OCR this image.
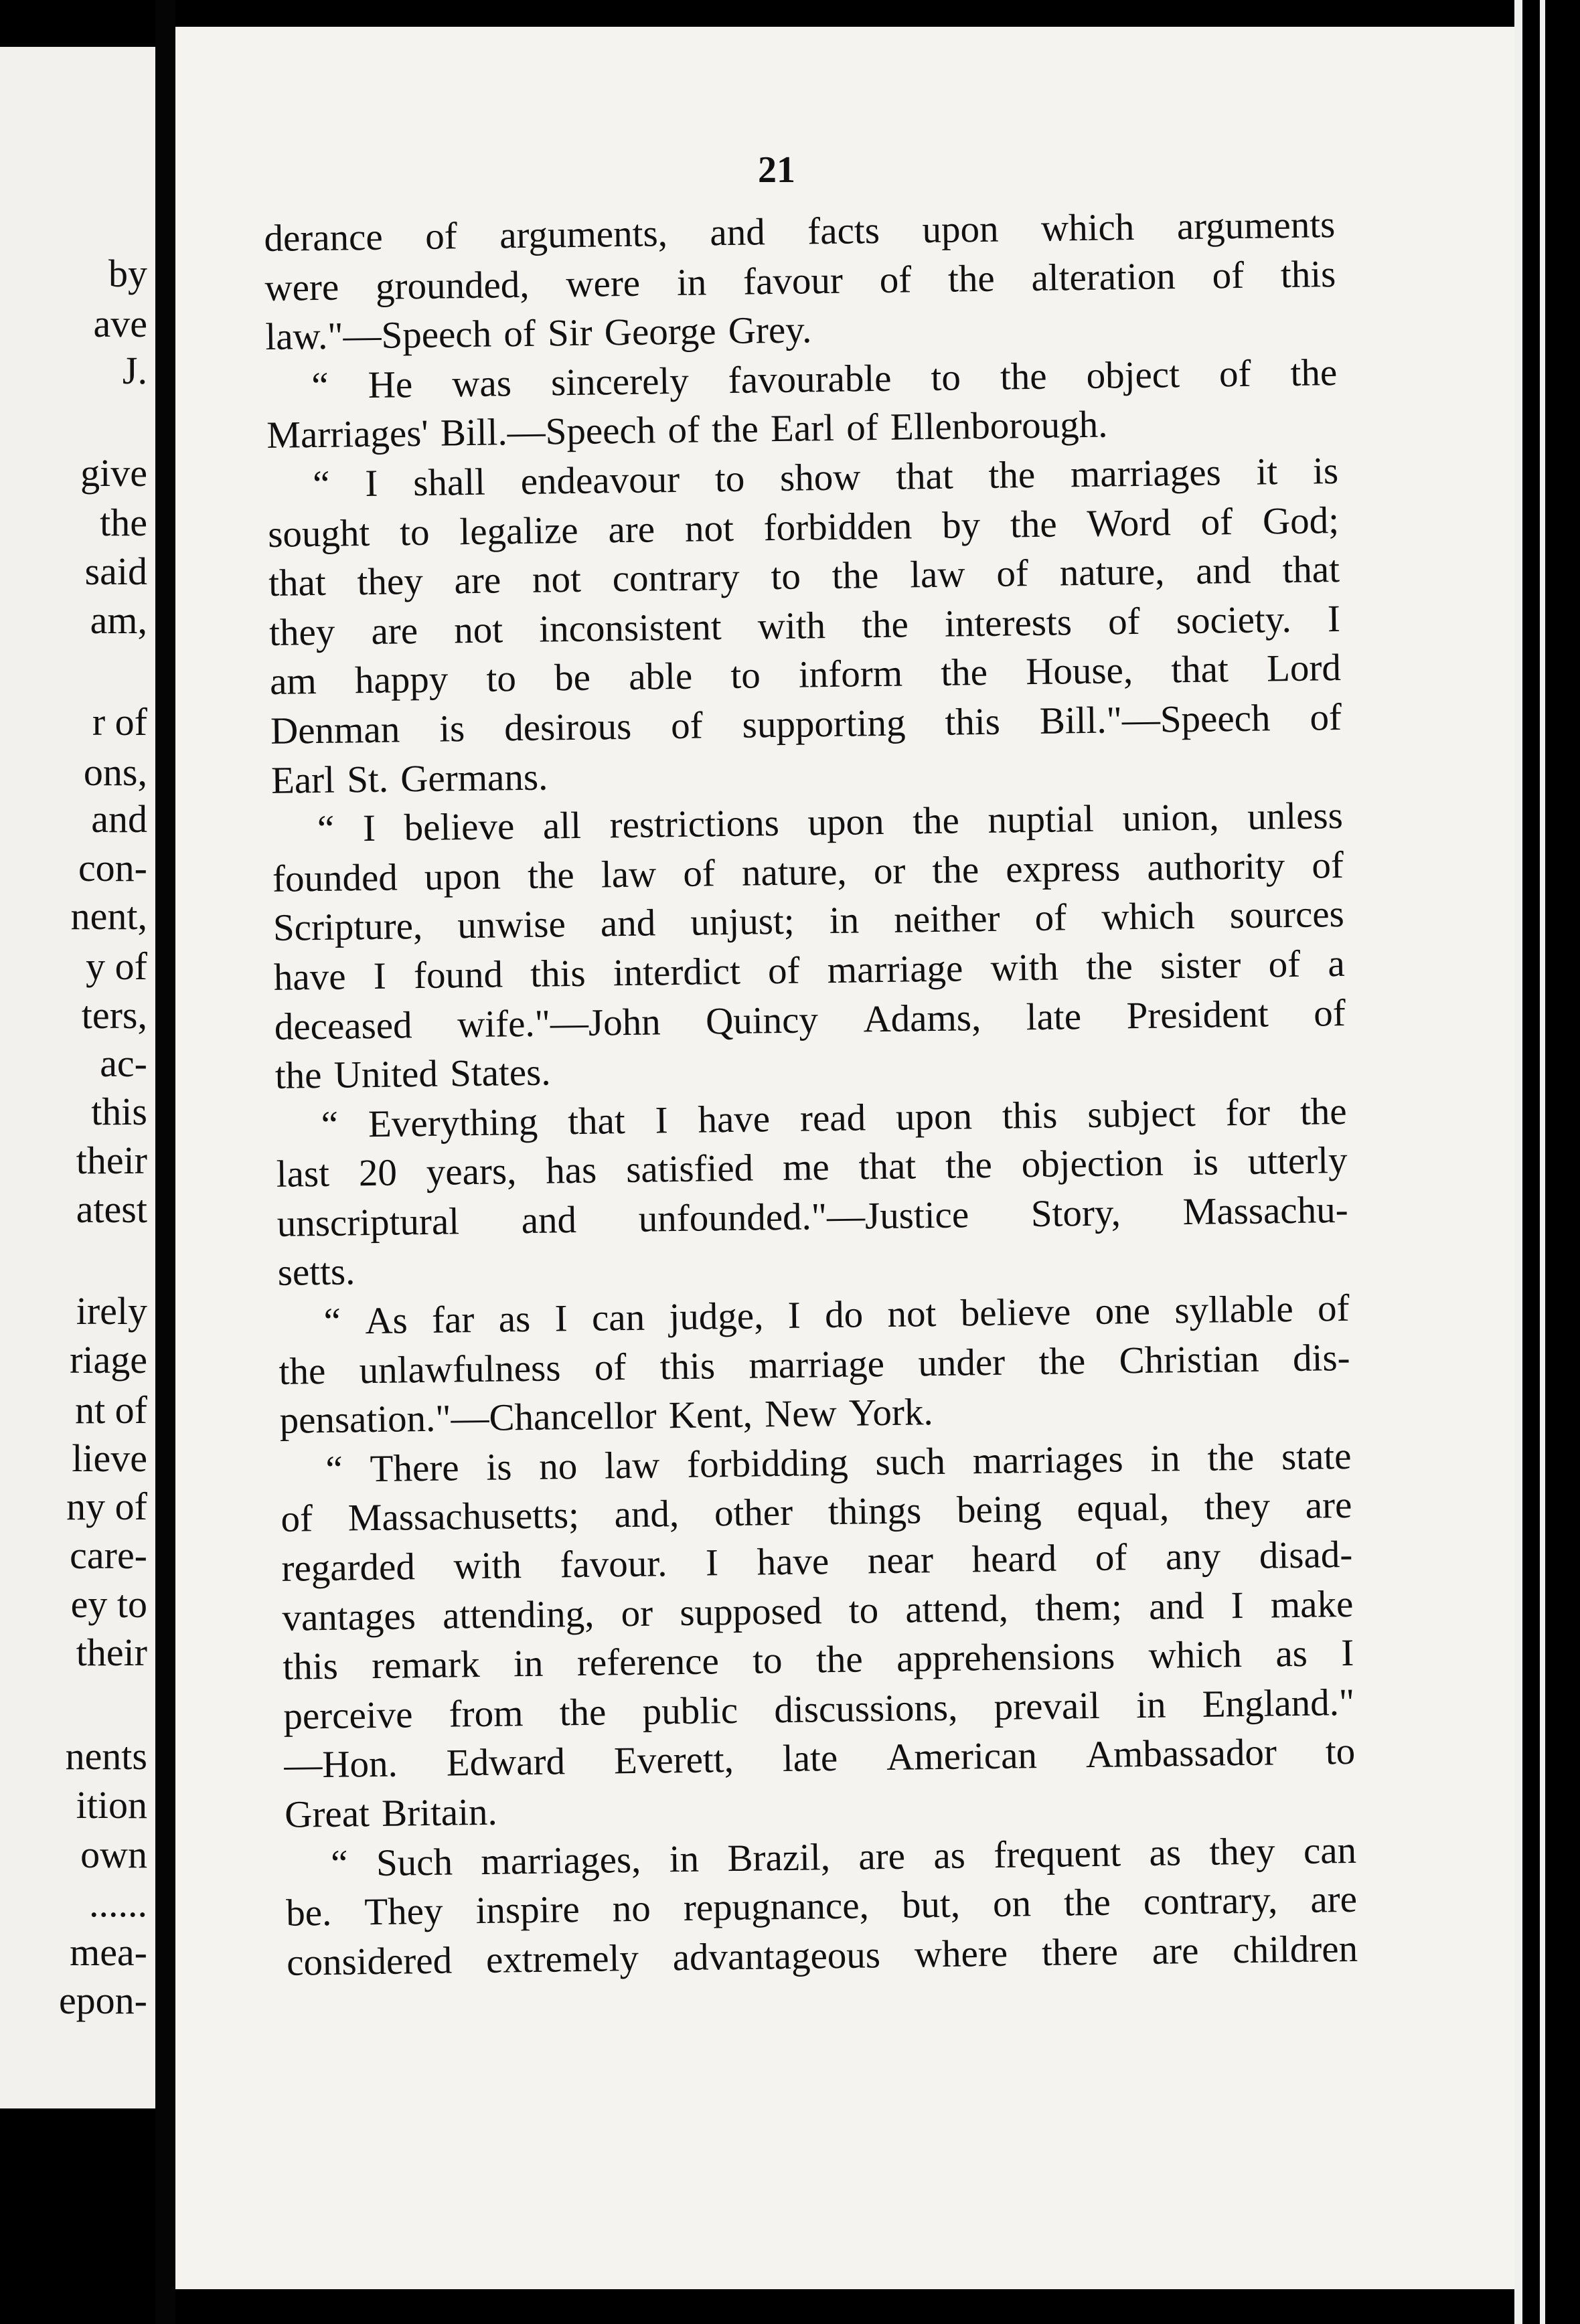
by
ave
J.
give
the
said
am,
r of
ons,
and
con-
nent,
y of
ters,
ac-
this
their
atest
irely
riage
nt of
lieve
ny of
care-
ey to
their
nents
ition
own
......
mea-
epon-
21
derance of arguments, and facts upon which arguments
were grounded, were in favour of the alteration of this
law."—Speech of Sir George Grey.
“ He was sincerely favourable to the object of the
Marriages' Bill.—Speech of the Earl of Ellenborough.
“ I shall endeavour to show that the marriages it is
sought to legalize are not forbidden by the Word of God;
that they are not contrary to the law of nature, and that
they are not inconsistent with the interests of society. I
am happy to be able to inform the House, that Lord
Denman is desirous of supporting this Bill."—Speech of
Earl St. Germans.
“ I believe all restrictions upon the nuptial union, unless
founded upon the law of nature, or the express authority of
Scripture, unwise and unjust; in neither of which sources
have I found this interdict of marriage with the sister of a
deceased wife."—John Quincy Adams, late President of
the United States.
“ Everything that I have read upon this subject for the
last 20 years, has satisfied me that the objection is utterly
unscriptural and unfounded."—Justice Story, Massachu-
setts.
“ As far as I can judge, I do not believe one syllable of
the unlawfulness of this marriage under the Christian dis-
pensation."—Chancellor Kent, New York.
“ There is no law forbidding such marriages in the state
of Massachusetts; and, other things being equal, they are
regarded with favour. I have near heard of any disad-
vantages attending, or supposed to attend, them; and I make
this remark in reference to the apprehensions which as I
perceive from the public discussions, prevail in England."
—Hon. Edward Everett, late American Ambassador to
Great Britain.
“ Such marriages, in Brazil, are as frequent as they can
be. They inspire no repugnance, but, on the contrary, are
considered extremely advantageous where there are children
